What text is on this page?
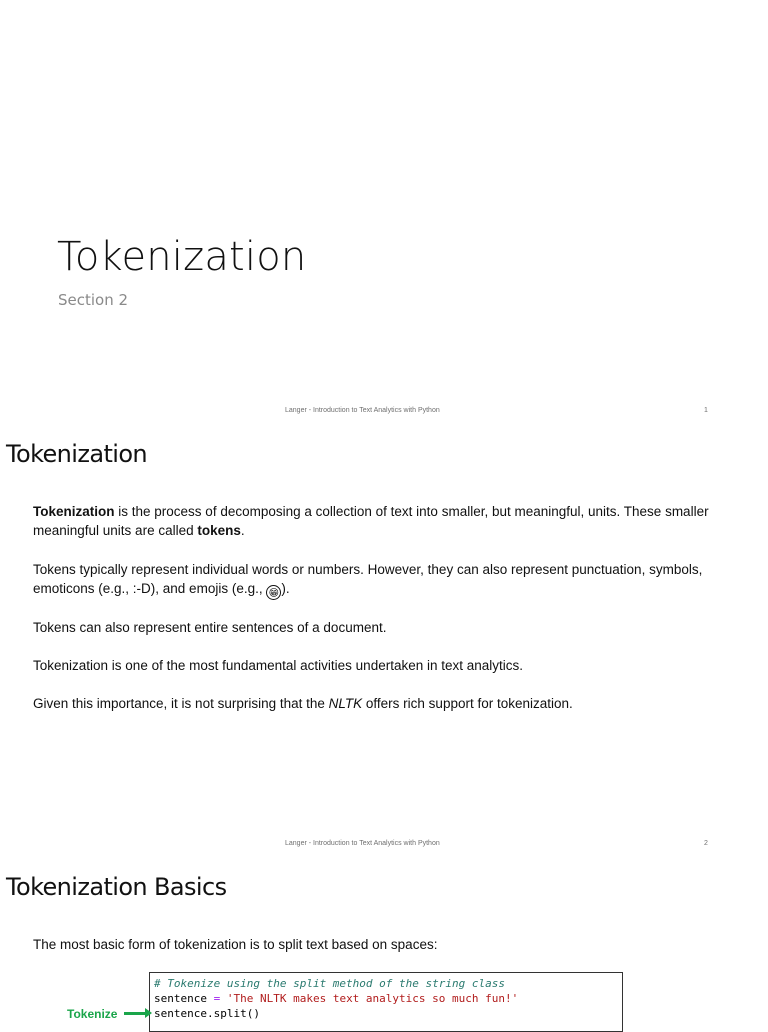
Tokenization
Section 2
Langer - Introduction to Text Analytics with Python	1
Tokenization
Tokenization is the process of decomposing a collection of text into smaller, but meaningful, units. These smaller meaningful units are called tokens.
Tokens typically represent individual words or numbers. However, they can also represent punctuation, symbols, emoticons (e.g., :-D), and emojis (e.g., 😁 ).
Tokens can also represent entire sentences of a document.
Tokenization is one of the most fundamental activities undertaken in text analytics.
Given this importance, it is not surprising that the NLTK offers rich support for tokenization.
Langer - Introduction to Text Analytics with Python	2
Tokenization Basics
The most basic form of tokenization is to split text based on spaces:
# Tokenize using the split method of the string class
sentence = 'The NLTK makes text analytics so much fun!'
sentence.split()
Tokenize
